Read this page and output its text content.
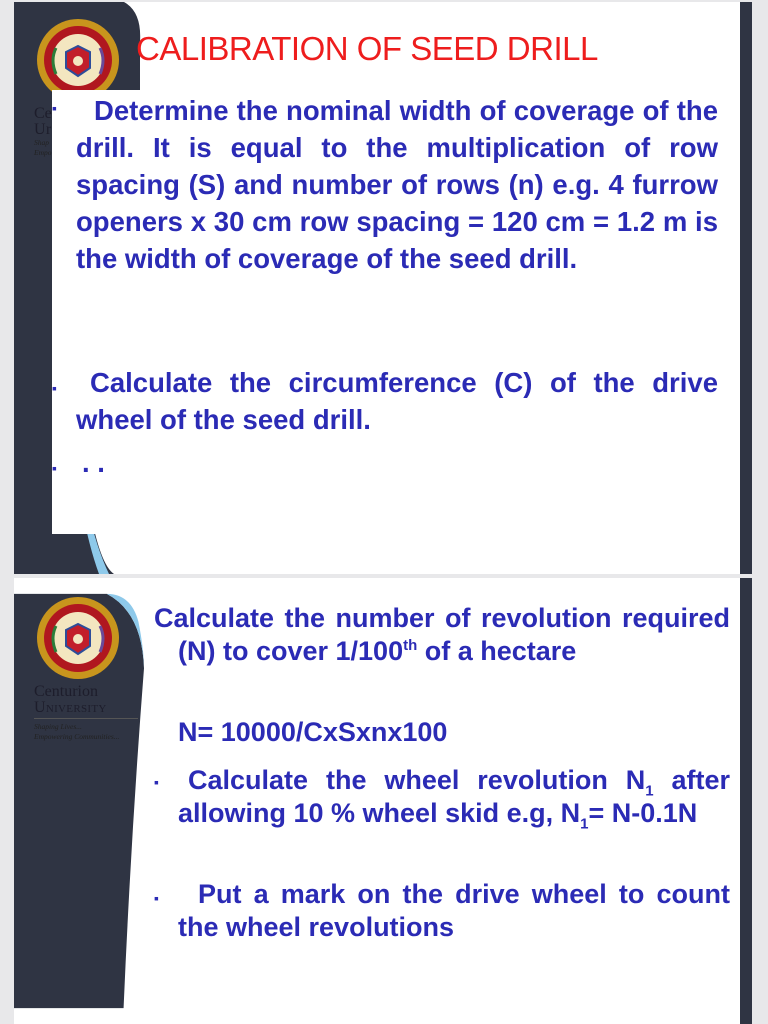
Ce
Ur
Shap
Empo
CALIBRATION OF SEED DRILL
▪	Determine the nominal width of coverage of the drill. It is equal to the multiplication of row spacing (S) and number of rows (n) e.g. 4 furrow openers x 30 cm row spacing = 120 cm = 1.2 m is the width of coverage of the seed drill.
▪	Calculate the circumference (C) of the drive wheel of the seed drill.
▪ . .
Centurion
University
Shaping Lives...
Empowering Communities...
Calculate the number of revolution required (N) to cover 1/100th of a hectare
N= 10000/CxSxnx100
▪	Calculate the wheel revolution $N_1$ after allowing 10 % wheel skid e.g, $N_1= N-0.1N$
▪	Put a mark on the drive wheel to count the wheel revolutions
